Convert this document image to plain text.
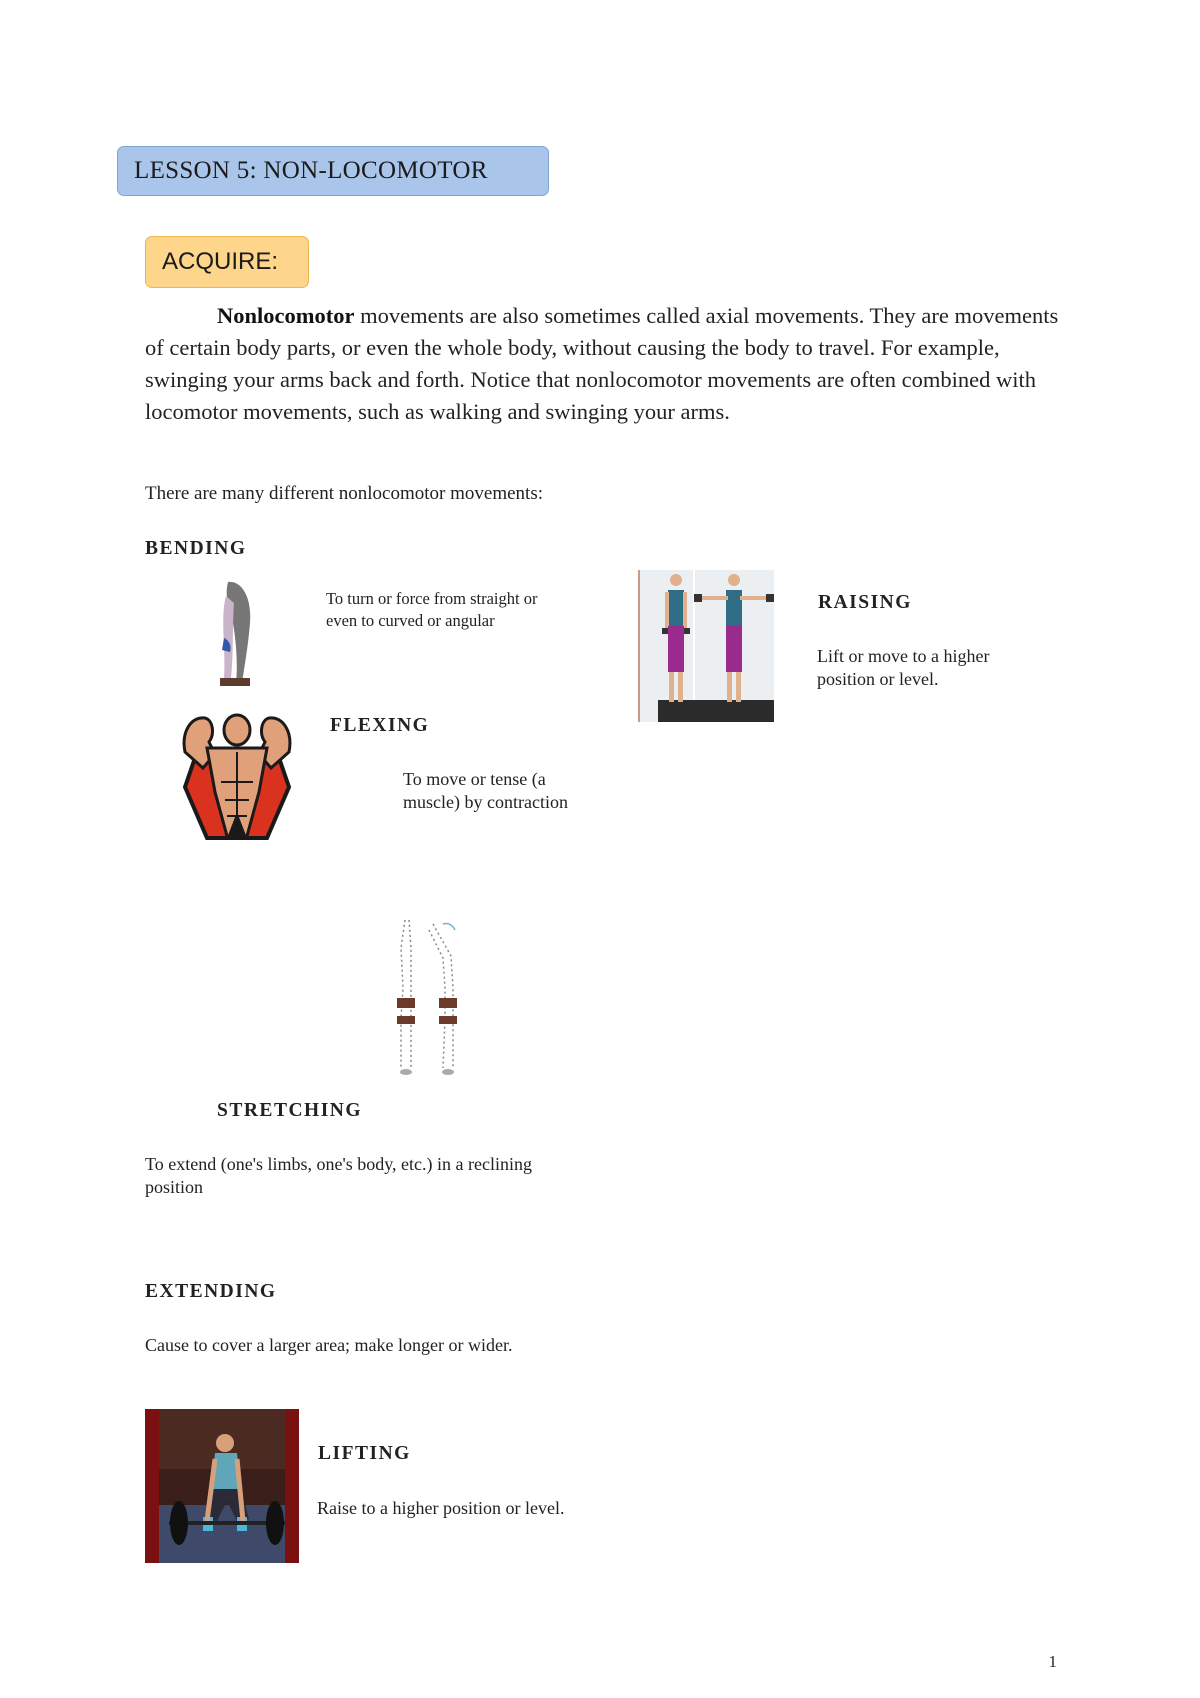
LESSON 5: NON-LOCOMOTOR
ACQUIRE:
Nonlocomotor movements are also sometimes called axial movements. They are movements of certain body parts, or even the whole body, without causing the body to travel. For example, swinging your arms back and forth. Notice that nonlocomotor movements are often combined with locomotor movements, such as walking and swinging your arms.
There are many different nonlocomotor movements:
BENDING
To turn or force from straight or even to curved or angular
RAISING
Lift or move to a higher position or level.
FLEXING
To move or tense (a muscle) by contraction
STRETCHING
To extend (one's limbs, one's body, etc.) in a reclining position
EXTENDING
Cause to cover a larger area; make longer or wider.
LIFTING
Raise to a higher position or level.
1
